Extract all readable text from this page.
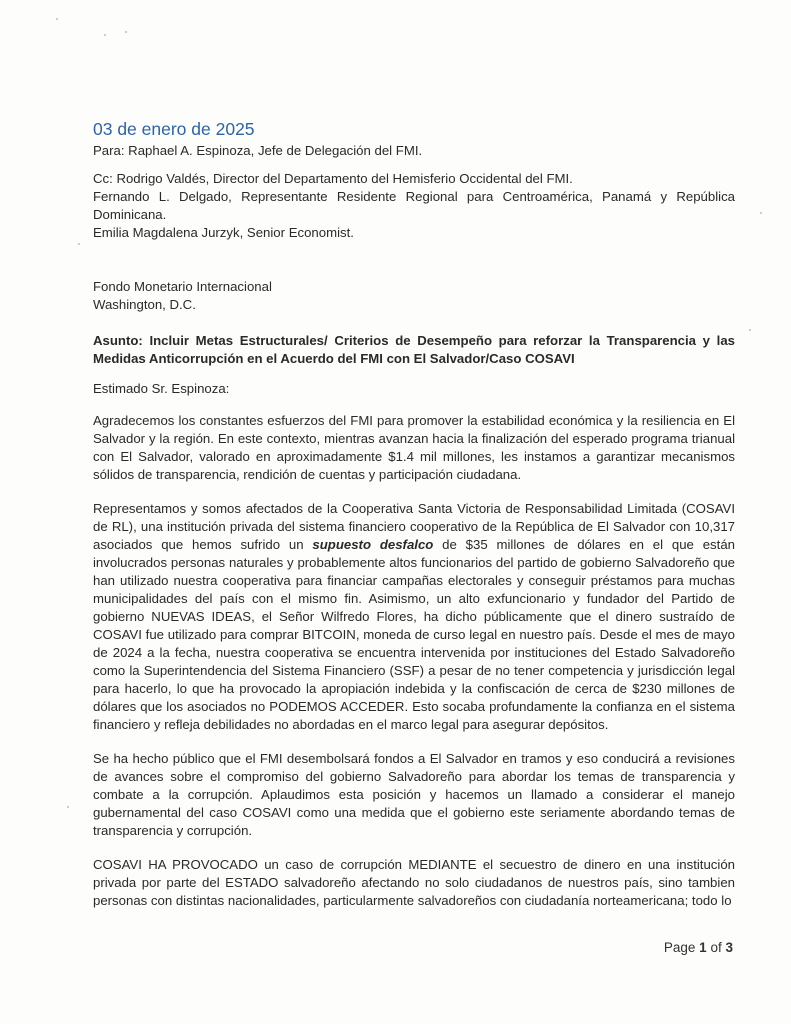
03 de enero de 2025
Para: Raphael A. Espinoza, Jefe de Delegación del FMI.
Cc: Rodrigo Valdés, Director del Departamento del Hemisferio Occidental del FMI.
Fernando L. Delgado, Representante Residente Regional para Centroamérica, Panamá y República Dominicana.
Emilia Magdalena Jurzyk, Senior Economist.
Fondo Monetario Internacional
Washington, D.C.
Asunto: Incluir Metas Estructurales/ Criterios de Desempeño para reforzar la Transparencia y las Medidas Anticorrupción en el Acuerdo del FMI con El Salvador/Caso COSAVI
Estimado Sr. Espinoza:

Agradecemos los constantes esfuerzos del FMI para promover la estabilidad económica y la resiliencia en El Salvador y la región. En este contexto, mientras avanzan hacia la finalización del esperado programa trianual con El Salvador, valorado en aproximadamente $1.4 mil millones, les instamos a garantizar mecanismos sólidos de transparencia, rendición de cuentas y participación ciudadana.

Representamos y somos afectados de la Cooperativa Santa Victoria de Responsabilidad Limitada (COSAVI de RL), una institución privada del sistema financiero cooperativo de la República de El Salvador con 10,317 asociados que hemos sufrido un supuesto desfalco de $35 millones de dólares en el que están involucrados personas naturales y probablemente altos funcionarios del partido de gobierno Salvadoreño que han utilizado nuestra cooperativa para financiar campañas electorales y conseguir préstamos para muchas municipalidades del país con el mismo fin. Asimismo, un alto exfuncionario y fundador del Partido de gobierno NUEVAS IDEAS, el Señor Wilfredo Flores, ha dicho públicamente que el dinero sustraído de COSAVI fue utilizado para comprar BITCOIN, moneda de curso legal en nuestro país. Desde el mes de mayo de 2024 a la fecha, nuestra cooperativa se encuentra intervenida por instituciones del Estado Salvadoreño como la Superintendencia del Sistema Financiero (SSF) a pesar de no tener competencia y jurisdicción legal para hacerlo, lo que ha provocado la apropiación indebida y la confiscación de cerca de $230 millones de dólares que los asociados no PODEMOS ACCEDER. Esto socaba profundamente la confianza en el sistema financiero y refleja debilidades no abordadas en el marco legal para asegurar depósitos.

Se ha hecho público que el FMI desembolsará fondos a El Salvador en tramos y eso conducirá a revisiones de avances sobre el compromiso del gobierno Salvadoreño para abordar los temas de transparencia y combate a la corrupción. Aplaudimos esta posición y hacemos un llamado a considerar el manejo gubernamental del caso COSAVI como una medida que el gobierno este seriamente abordando temas de transparencia y corrupción.

COSAVI HA PROVOCADO un caso de corrupción MEDIANTE el secuestro de dinero en una institución privada por parte del ESTADO salvadoreño afectando no solo ciudadanos de nuestros país, sino tambien personas con distintas nacionalidades, particularmente salvadoreños con ciudadanía norteamericana; todo lo

Page 1 of 3
